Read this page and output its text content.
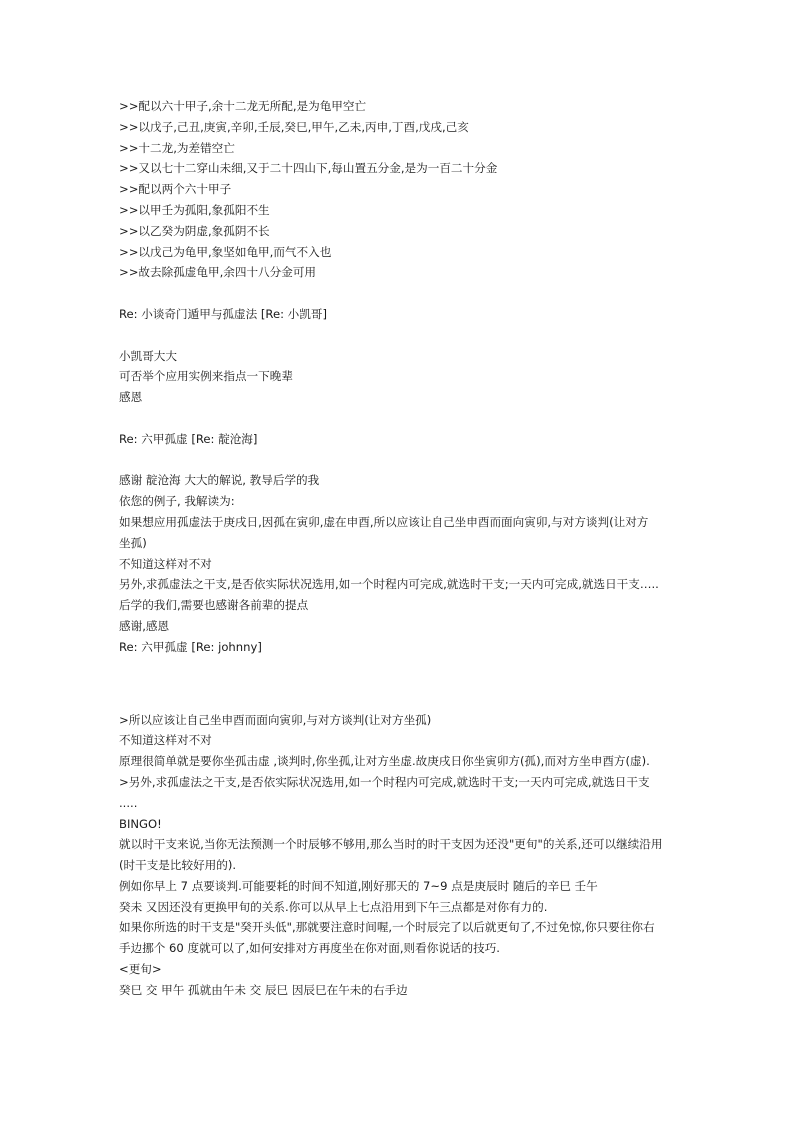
>>配以六十甲子,余十二龙无所配,是为龟甲空亡
>>以戊子,己丑,庚寅,辛卯,壬辰,癸巳,甲午,乙未,丙申,丁酉,戊戌,己亥
>>十二龙,为差错空亡
>>又以七十二穿山未细,又于二十四山下,每山置五分金,是为一百二十分金
>>配以两个六十甲子
>>以甲壬为孤阳,象孤阳不生
>>以乙癸为阴虚,象孤阴不长
>>以戊己为龟甲,象坚如龟甲,而气不入也
>>故去除孤虚龟甲,余四十八分金可用
Re: 小谈奇门遁甲与孤虚法 [Re: 小凯哥]
小凯哥大大
可否举个应用实例来指点一下晚辈
感恩
Re: 六甲孤虚 [Re: 靛沧海]
感谢 靛沧海 大大的解说, 教导后学的我
依您的例子, 我解读为:
如果想应用孤虚法于庚戌日,因孤在寅卯,虚在申酉,所以应该让自己坐申酉而面向寅卯,与对方谈判(让对方
坐孤)
不知道这样对不对
另外,求孤虚法之干支,是否依实际状况选用,如一个时程内可完成,就选时干支;一天内可完成,就选日干支…..
后学的我们,需要也感谢各前辈的提点
感谢,感恩
Re: 六甲孤虚 [Re: johnny]
>所以应该让自己坐申酉而面向寅卯,与对方谈判(让对方坐孤)
不知道这样对不对
原理很简单就是要你坐孤击虚 ,谈判时,你坐孤,让对方坐虚.故庚戌日你坐寅卯方(孤),而对方坐申酉方(虚).
>另外,求孤虚法之干支,是否依实际状况选用,如一个时程内可完成,就选时干支;一天内可完成,就选日干支
.....
BINGO!
就以时干支来说,当你无法预测一个时辰够不够用,那么当时的时干支因为还没"更旬"的关系,还可以继续沿用
(时干支是比较好用的).
例如你早上 7 点要谈判.可能要耗的时间不知道,刚好那天的 7~9 点是庚辰时 随后的辛巳 壬午
癸未 又因还没有更换甲旬的关系.你可以从早上七点沿用到下午三点都是对你有力的.
如果你所选的时干支是"癸开头低",那就要注意时间喔,一个时辰完了以后就更旬了,不过免惊,你只要往你右
手边挪个 60 度就可以了,如何安排对方再度坐在你对面,则看你说话的技巧.
<更旬>
癸巳 交 甲午 孤就由午未 交 辰巳 因辰巳在午未的右手边
